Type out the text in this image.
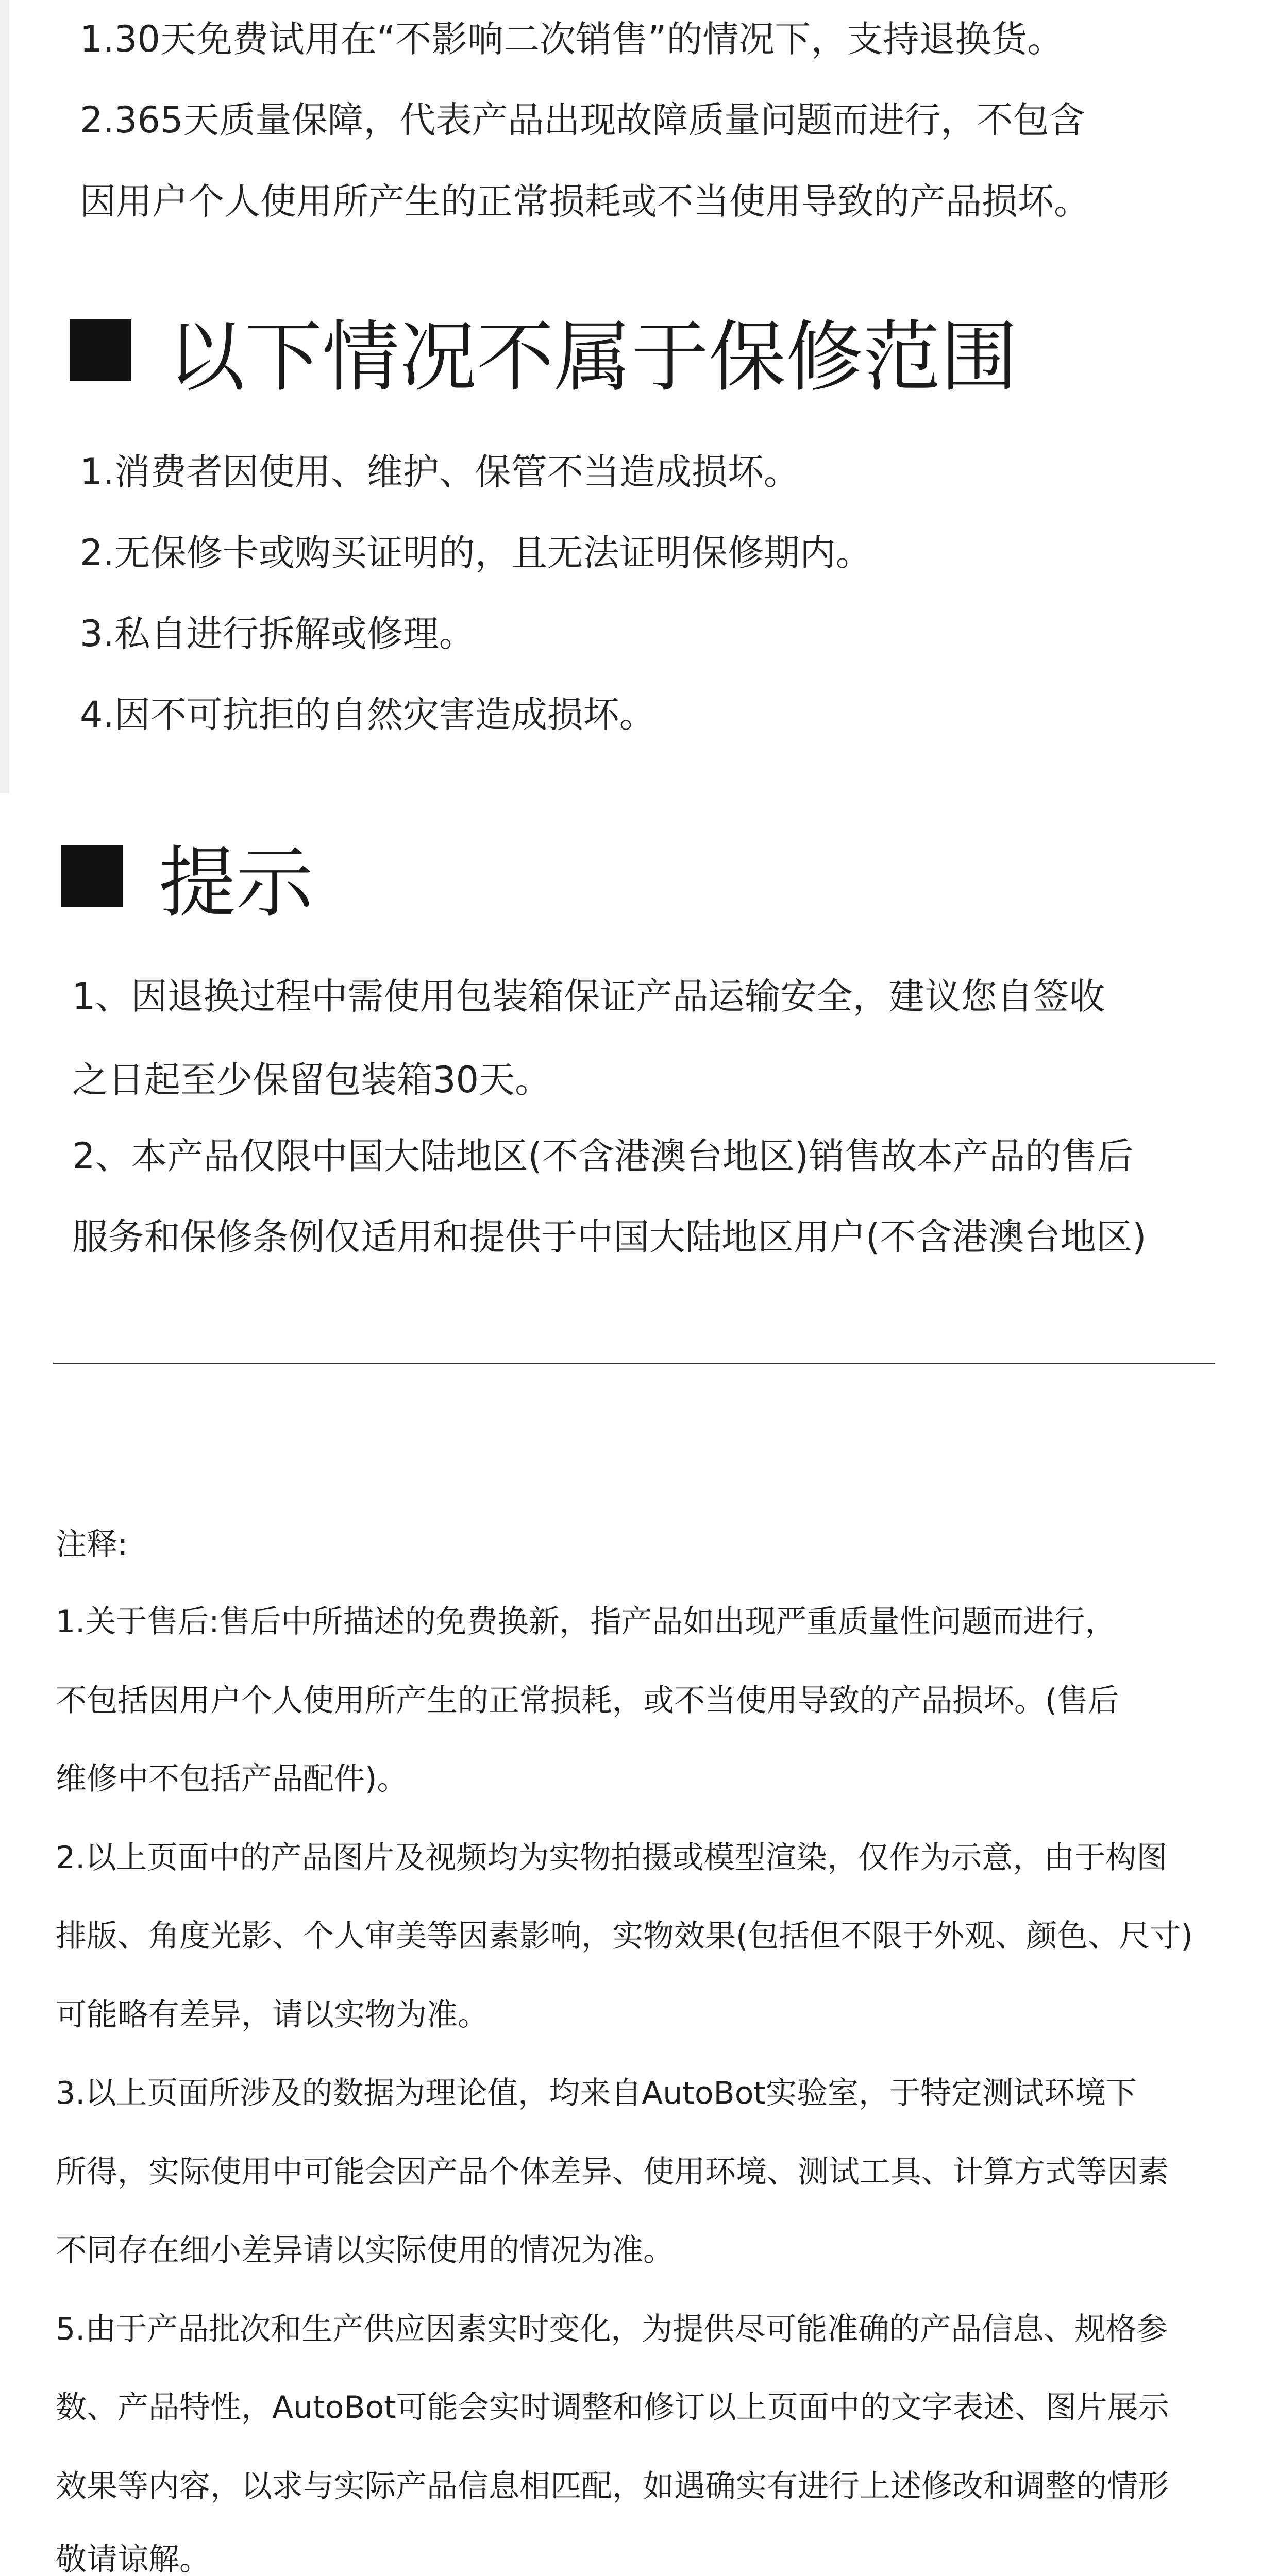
1.30天免费试用在“不影响二次销售”的情况下，支持退换货。
2.365天质量保障，代表产品出现故障质量问题而进行，不包含
因用户个人使用所产生的正常损耗或不当使用导致的产品损坏。
以下情况不属于保修范围
1.消费者因使用、维护、保管不当造成损坏。
2.无保修卡或购买证明的，且无法证明保修期内。
3.私自进行拆解或修理。
4.因不可抗拒的自然灾害造成损坏。
提示
1、因退换过程中需使用包装箱保证产品运输安全，建议您自签收
之日起至少保留包装箱30天。
2、本产品仅限中国大陆地区(不含港澳台地区)销售故本产品的售后
服务和保修条例仅适用和提供于中国大陆地区用户(不含港澳台地区)
注释:
1.关于售后:售后中所描述的免费换新，指产品如出现严重质量性问题而进行，
不包括因用户个人使用所产生的正常损耗，或不当使用导致的产品损坏。(售后
维修中不包括产品配件)。
2.以上页面中的产品图片及视频均为实物拍摄或模型渲染，仅作为示意，由于构图
排版、角度光影、个人审美等因素影响，实物效果(包括但不限于外观、颜色、尺寸)
可能略有差异，请以实物为准。
3.以上页面所涉及的数据为理论值，均来自AutoBot实验室，于特定测试环境下
所得，实际使用中可能会因产品个体差异、使用环境、测试工具、计算方式等因素
不同存在细小差异请以实际使用的情况为准。
5.由于产品批次和生产供应因素实时变化，为提供尽可能准确的产品信息、规格参
数、产品特性，AutoBot可能会实时调整和修订以上页面中的文字表述、图片展示
效果等内容，以求与实际产品信息相匹配，如遇确实有进行上述修改和调整的情形
敬请谅解。
